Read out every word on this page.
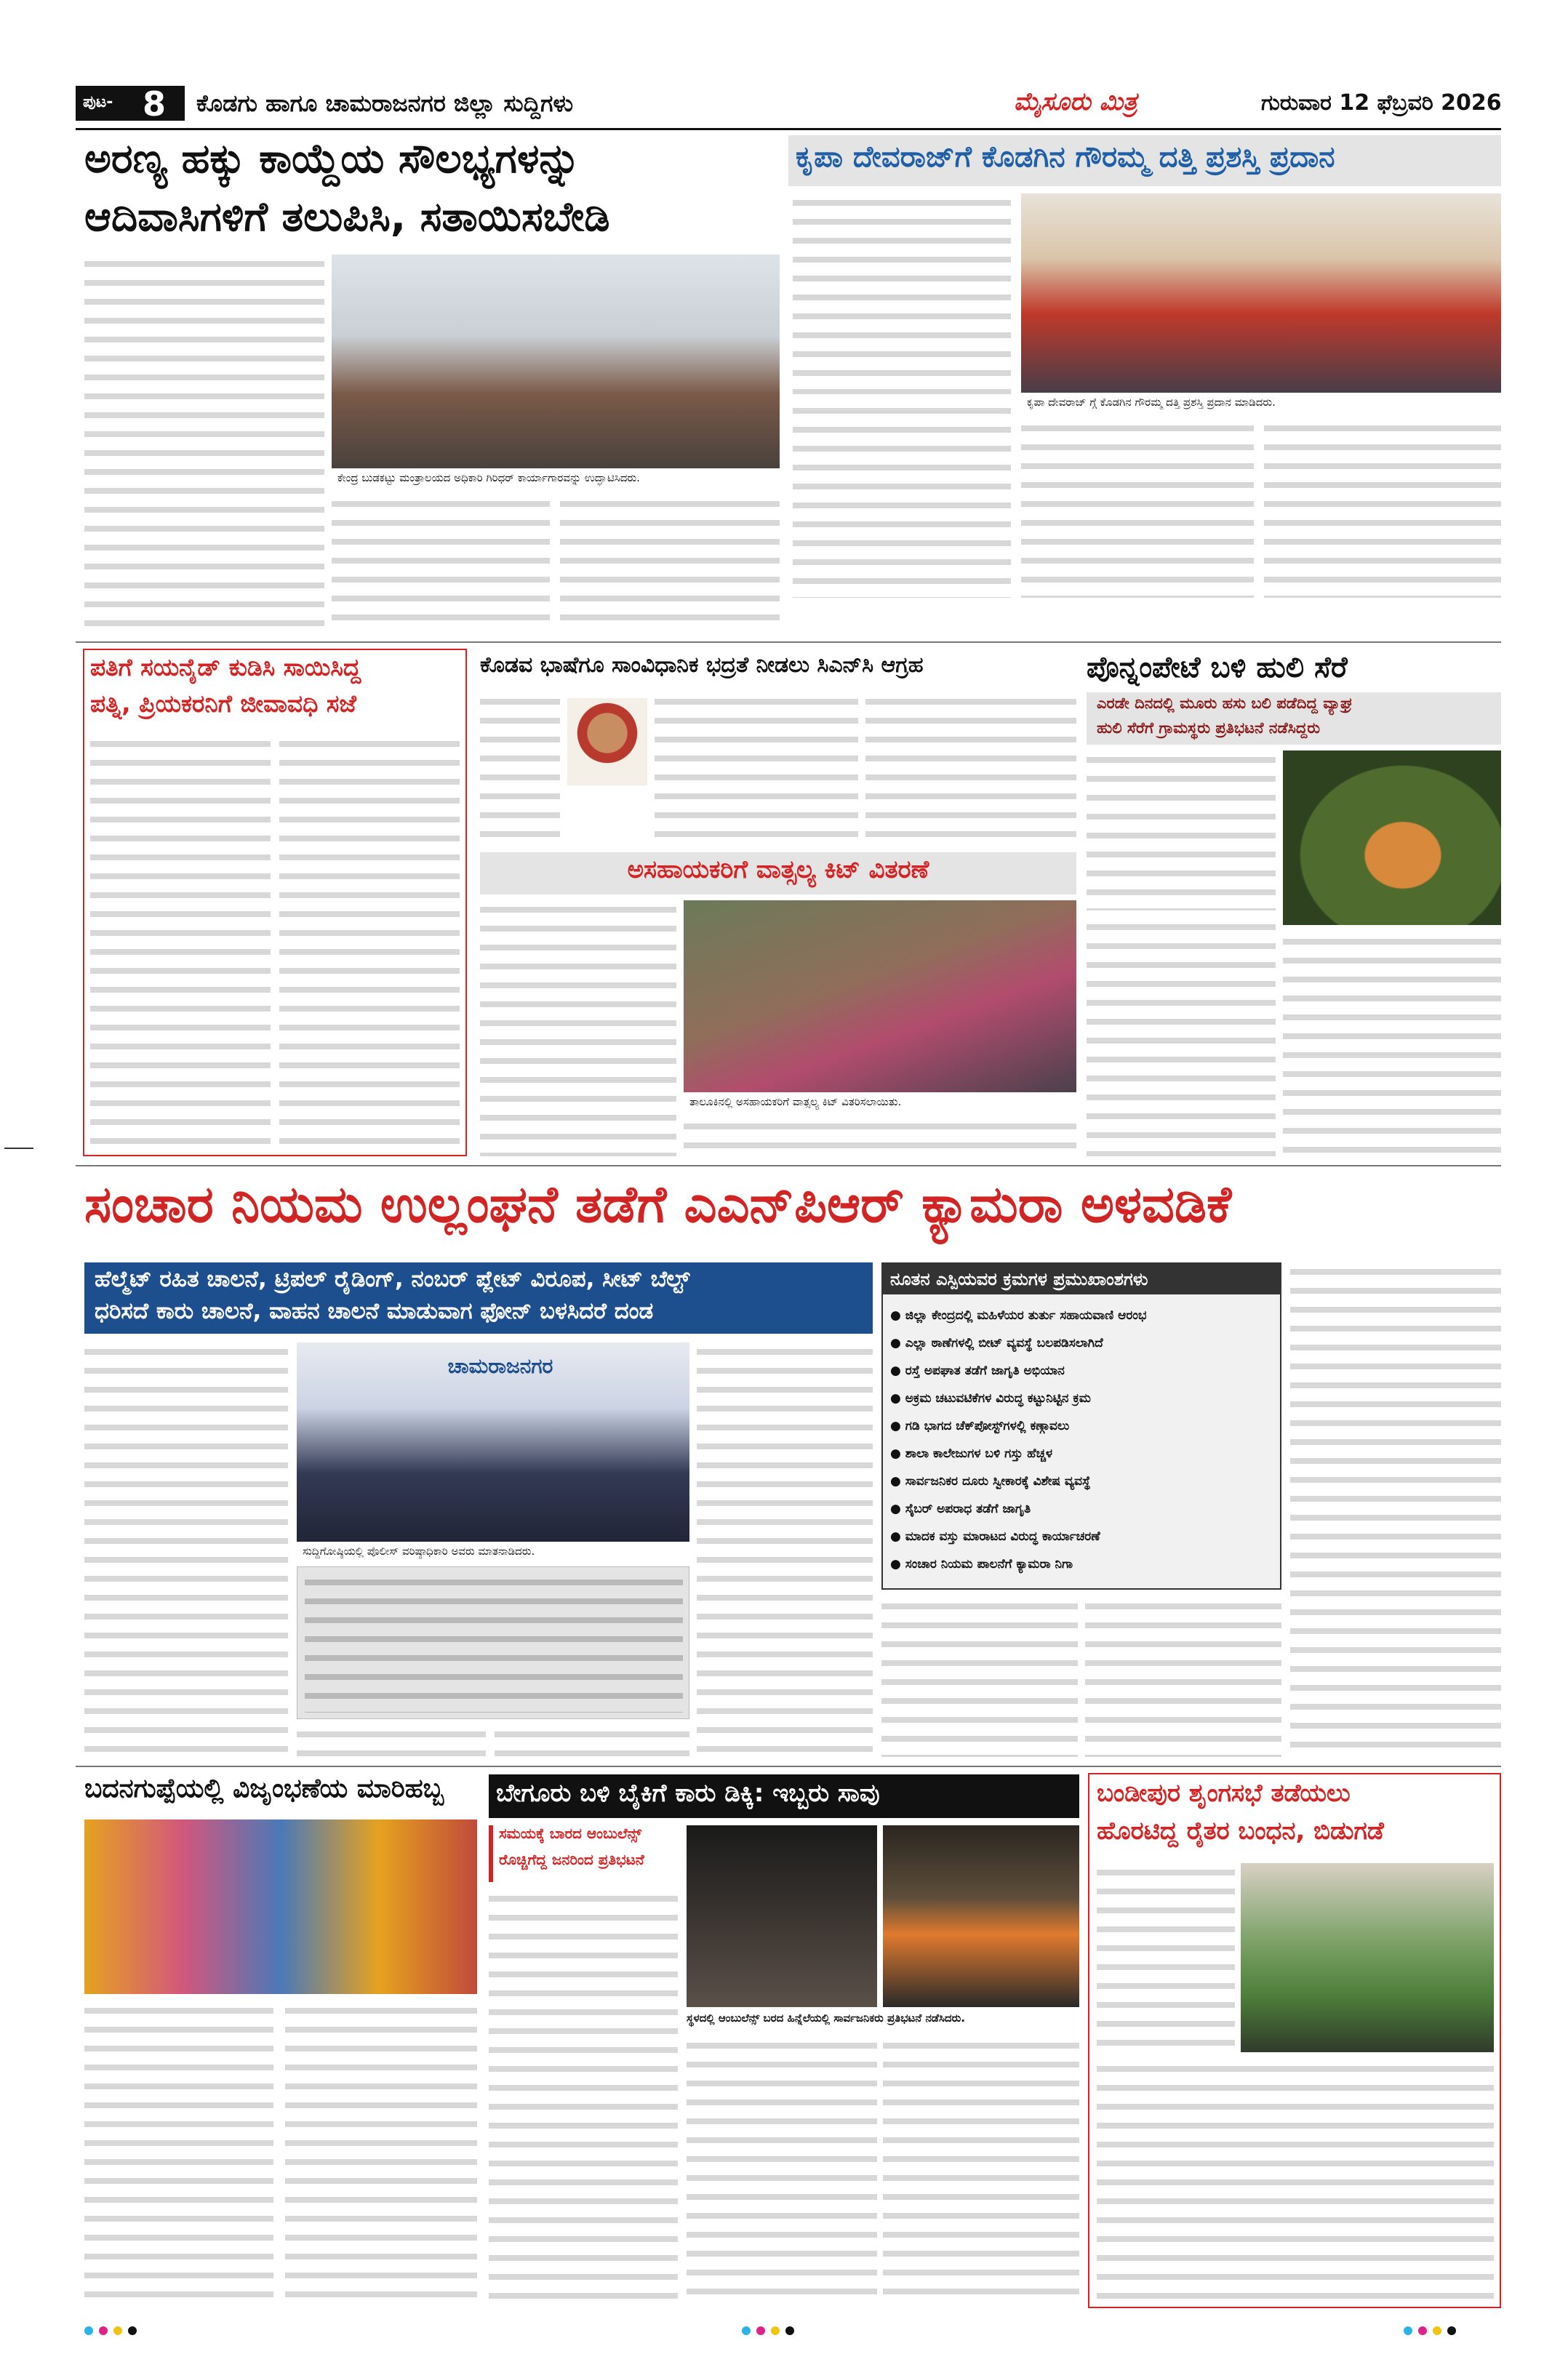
ಪುಟ- 8 ಕೊಡಗು ಹಾಗೂ ಚಾಮರಾಜನಗರ ಜಿಲ್ಲಾ ಸುದ್ದಿಗಳು	ಮೈಸೂರು ಮಿತ್ರ	ಗುರುವಾರ 12 ಫೆಬ್ರವರಿ 2026
ಅರಣ್ಯ ಹಕ್ಕು ಕಾಯ್ದೆಯ ಸೌಲಭ್ಯಗಳನ್ನು
ಆದಿವಾಸಿಗಳಿಗೆ ತಲುಪಿಸಿ, ಸತಾಯಿಸಬೇಡಿ
ಕೇಂದ್ರ ಬುಡಕಟ್ಟು ಮಂತ್ರಾಲಯದ ಅಧಿಕಾರಿ ಗಿರಿಧರ್ ಕಾರ್ಯಾಗಾರವನ್ನು ಉದ್ಘಾಟಿಸಿದರು.
ಕೃಪಾ ದೇವರಾಜ್‌ಗೆ ಕೊಡಗಿನ ಗೌರಮ್ಮ ದತ್ತಿ ಪ್ರಶಸ್ತಿ ಪ್ರದಾನ
ಕೃಪಾ ದೇವರಾಜ್ ಗ್ಗೆ ಕೊಡಗಿನ ಗೌರಮ್ಮ ದತ್ತಿ ಪ್ರಶಸ್ತಿ ಪ್ರದಾನ ಮಾಡಿದರು.
ಪತಿಗೆ ಸಯನೈಡ್ ಕುಡಿಸಿ ಸಾಯಿಸಿದ್ದ
ಪತ್ನಿ, ಪ್ರಿಯಕರನಿಗೆ ಜೀವಾವಧಿ ಸಜೆ
ಕೊಡವ ಭಾಷೆಗೂ ಸಾಂವಿಧಾನಿಕ ಭದ್ರತೆ ನೀಡಲು ಸಿಎನ್‌ಸಿ ಆಗ್ರಹ	ಪೊನ್ನಂಪೇಟೆ ಬಳಿ ಹುಲಿ ಸೆರೆ
ಎರಡೇ ದಿನದಲ್ಲಿ ಮೂರು ಹಸು ಬಲಿ ಪಡೆದಿದ್ದ ವ್ಯಾಘ್ರ
ಹುಲಿ ಸೆರೆಗೆ ಗ್ರಾಮಸ್ಥರು ಪ್ರತಿಭಟನೆ ನಡೆಸಿದ್ದರು
ಅಸಹಾಯಕರಿಗೆ ವಾತ್ಸಲ್ಯ ಕಿಟ್ ವಿತರಣೆ
ತಾಲೂಕಿನಲ್ಲಿ ಅಸಹಾಯಕರಿಗೆ ವಾತ್ಸಲ್ಯ ಕಿಟ್ ವಿತರಿಸಲಾಯಿತು.
ಸಂಚಾರ ನಿಯಮ ಉಲ್ಲಂಘನೆ ತಡೆಗೆ ಎಎನ್‌ಪಿಆರ್ ಕ್ಯಾಮರಾ ಅಳವಡಿಕೆ
ಹೆಲ್ಮೆಟ್ ರಹಿತ ಚಾಲನೆ, ಟ್ರಿಪಲ್ ರೈಡಿಂಗ್, ನಂಬರ್ ಪ್ಲೇಟ್ ವಿರೂಪ, ಸೀಟ್ ಬೆಲ್ಟ್
ಧರಿಸದೆ ಕಾರು ಚಾಲನೆ, ವಾಹನ ಚಾಲನೆ ಮಾಡುವಾಗ ಫೋನ್ ಬಳಸಿದರೆ ದಂಡ
ಚಾಮರಾಜನಗರ
ಸುದ್ದಿಗೋಷ್ಠಿಯಲ್ಲಿ ಪೊಲೀಸ್ ವರಿಷ್ಠಾಧಿಕಾರಿ ಅವರು ಮಾತನಾಡಿದರು.
ನೂತನ ಎಸ್ಪಿಯವರ ಕ್ರಮಗಳ ಪ್ರಮುಖಾಂಶಗಳು
● ಜಿಲ್ಲಾ ಕೇಂದ್ರದಲ್ಲಿ ಮಹಿಳೆಯರ ತುರ್ತು ಸಹಾಯವಾಣಿ ಆರಂಭ
● ಎಲ್ಲಾ ಠಾಣೆಗಳಲ್ಲಿ ಬೀಟ್ ವ್ಯವಸ್ಥೆ ಬಲಪಡಿಸಲಾಗಿದೆ
● ರಸ್ತೆ ಅಪಘಾತ ತಡೆಗೆ ಜಾಗೃತಿ ಅಭಿಯಾನ
● ಅಕ್ರಮ ಚಟುವಟಿಕೆಗಳ ವಿರುದ್ಧ ಕಟ್ಟುನಿಟ್ಟಿನ ಕ್ರಮ
● ಗಡಿ ಭಾಗದ ಚೆಕ್‌ಪೋಸ್ಟ್‌ಗಳಲ್ಲಿ ಕಣ್ಗಾವಲು
● ಶಾಲಾ ಕಾಲೇಜುಗಳ ಬಳಿ ಗಸ್ತು ಹೆಚ್ಚಳ
● ಸಾರ್ವಜನಿಕರ ದೂರು ಸ್ವೀಕಾರಕ್ಕೆ ವಿಶೇಷ ವ್ಯವಸ್ಥೆ
● ಸೈಬರ್ ಅಪರಾಧ ತಡೆಗೆ ಜಾಗೃತಿ
● ಮಾದಕ ವಸ್ತು ಮಾರಾಟದ ವಿರುದ್ಧ ಕಾರ್ಯಾಚರಣೆ
● ಸಂಚಾರ ನಿಯಮ ಪಾಲನೆಗೆ ಕ್ಯಾಮರಾ ನಿಗಾ
ಬದನಗುಪ್ಪೆಯಲ್ಲಿ ವಿಜೃಂಭಣೆಯ ಮಾರಿಹಬ್ಬ	ಬೇಗೂರು ಬಳಿ ಬೈಕಿಗೆ ಕಾರು ಡಿಕ್ಕಿ: ಇಬ್ಬರು ಸಾವು
ಸಮಯಕ್ಕೆ ಬಾರದ ಆಂಬುಲೆನ್ಸ್
ರೊಚ್ಚಿಗೆದ್ದ ಜನರಿಂದ ಪ್ರತಿಭಟನೆ
ಸ್ಥಳದಲ್ಲಿ ಆಂಬುಲೆನ್ಸ್ ಬರದ ಹಿನ್ನೆಲೆಯಲ್ಲಿ ಸಾರ್ವಜನಿಕರು ಪ್ರತಿಭಟನೆ ನಡೆಸಿದರು.
ಬಂಡೀಪುರ ಶೃಂಗಸಭೆ ತಡೆಯಲು
ಹೊರಟಿದ್ದ ರೈತರ ಬಂಧನ, ಬಿಡುಗಡೆ
